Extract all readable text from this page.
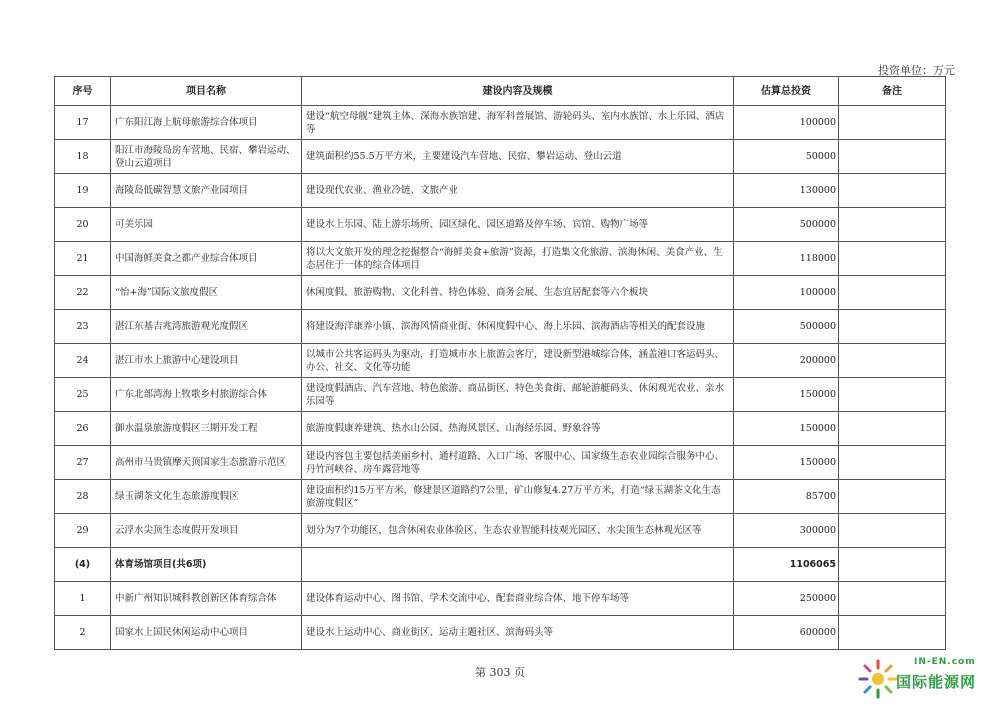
投资单位：万元
序号	项目名称	建设内容及规模	估算总投资	备注
17	广东阳江海上航母旅游综合体项目	建设“航空母舰”建筑主体、深海水族馆建、海军科普展馆、游轮码头、室内水族馆、水上乐园、酒店等	100000	
18	阳江市海陵岛房车营地、民宿、攀岩运动、登山云道项目	建筑面积约55.5万平方米，主要建设汽车营地、民宿、攀岩运动、登山云道	50000	
19	海陵岛低碳智慧文旅产业园项目	建设现代农业、渔业冷链、文旅产业	130000	
20	可美乐园	建设水上乐园、陆上游乐场所、园区绿化、园区道路及停车场、宾馆、购物广场等	500000	
21	中国海鲜美食之都产业综合体项目	将以大文旅开发的理念挖掘整合“海鲜美食+旅游”资源，打造集文化旅游、滨海休闲、美食产业、生态居住于一体的综合体项目	118000	
22	“怡+海”国际文旅度假区	休闲度假、旅游购物、文化科普、特色体验、商务会展、生态宜居配套等六个板块	100000	
23	湛江东基吉兆湾旅游观光度假区	将建设海洋康养小镇、滨海风情商业街、休闲度假中心、海上乐园、滨海酒店等相关的配套设施	500000	
24	湛江市水上旅游中心建设项目	以城市公共客运码头为驱动，打造城市水上旅游会客厅，建设新型港城综合体，涵盖港口客运码头、办公、社交、文化等功能	200000	
25	广东北部湾海上牧歌乡村旅游综合体	建设度假酒店、汽车营地、特色旅游、商品街区、特色美食街、邮轮游艇码头、休闲观光农业、亲水乐园等	150000	
26	御水温泉旅游度假区三期开发工程	旅游度假康养建筑、热水山公园、热海风景区、山海经乐园、野象谷等	150000	
27	高州市马贵镇摩天顶国家生态旅游示范区	建设内容包主要包括美丽乡村、通村道路、入口广场、客服中心、国家级生态农业园综合服务中心、丹竹河峡谷、房车露营地等	150000	
28	绿玉湖茶文化生态旅游度假区	建设面积约15万平方米，修建景区道路约7公里，矿山修复4.27万平方米，打造“绿玉湖茶文化生态旅游度假区”	85700	
29	云浮水尖顶生态度假开发项目	划分为7个功能区，包含休闲农业体验区、生态农业智能科技观光园区、水尖顶生态林观光区等	300000	
(4)	体育场馆项目(共6项)		1106065	
1	中新广州知识城科教创新区体育综合体	建设体育运动中心、图书馆、学术交流中心、配套商业综合体、地下停车场等	250000	
2	国家水上国民休闲运动中心项目	建设水上运动中心、商业街区、运动主题社区、滨海码头等	600000	
第 303 页
IN-EN.com
国际能源网
